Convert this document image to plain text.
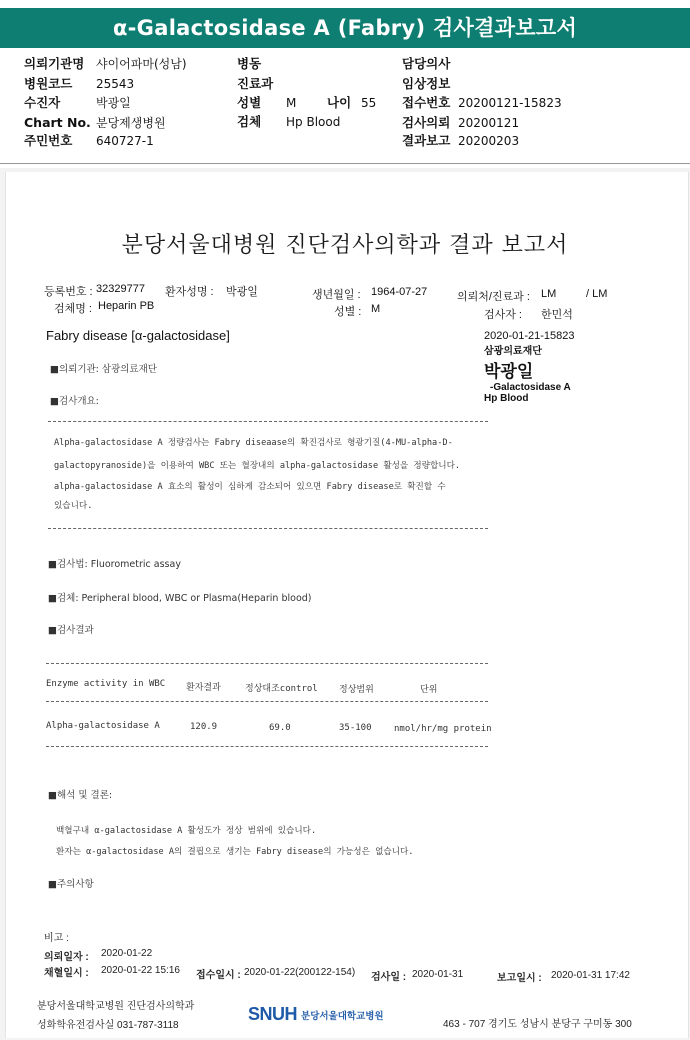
α-Galactosidase A (Fabry) 검사결과보고서
의뢰기관명 샤이어파마(성남)
병원코드 25543
수진자	박광일
Chart No. 분당제생병원
주민번호 640727-1
병동
진료과
성별 M 나이 55
검체 Hp Blood
담당의사
임상정보
접수번호 20200121-15823
검사의뢰 20200121
결과보고 20200203
분당서울대병원 진단검사의학과 결과 보고서
등록번호 : 32329777 환자성명 : 박광일	생년월일 : 1964-07-27	의뢰처/진료과 : LM	/ LM
검체명 : Heparin PB	성별 : M	검사자 : 한민석
Fabry disease [α-galactosidase]	2020-01-21-15823
삼광의료재단
박광일
-Galactosidase A
Hp Blood
■의뢰기관: 삼광의료재단
■검사개요:
Alpha-galactosidase A 정량검사는 Fabry diseaase의 확진검사로 형광기질(4-MU-alpha-D-
galactopyranoside)을 이용하여 WBC 또는 혈장내의 alpha-galactosidase 활성을 정량합니다.
alpha-galactosidase A 효소의 활성이 심하게 감소되어 있으면 Fabry disease로 확진할 수
있습니다.
■검사법: Fluorometric assay
■검체: Peripheral blood, WBC or Plasma(Heparin blood)
■검사결과
Enzyme activity in WBC 환자결과	정상대조control 정상범위	단위
Alpha-galactosidase A	120.9	69.0	35-100 nmol/hr/mg protein
■해석 및 결론:
백혈구내 α-galactosidase A 활성도가 정상 범위에 있습니다.
환자는 α-galactosidase A의 결핍으로 생기는 Fabry disease의 가능성은 없습니다.
■주의사항
비고 :
의뢰일자 : 2020-01-22
채혈일시 : 2020-01-22 15:16 접수일시 : 2020-01-22(200122-154) 검사일 : 2020-01-31	보고일시 : 2020-01-31 17:42
분당서울대학교병원 진단검사의학과
성화학유전검사실 031-787-3118
SNUH 분당서울대학교병원
463 - 707 경기도 성남시 분당구 구미동 300
